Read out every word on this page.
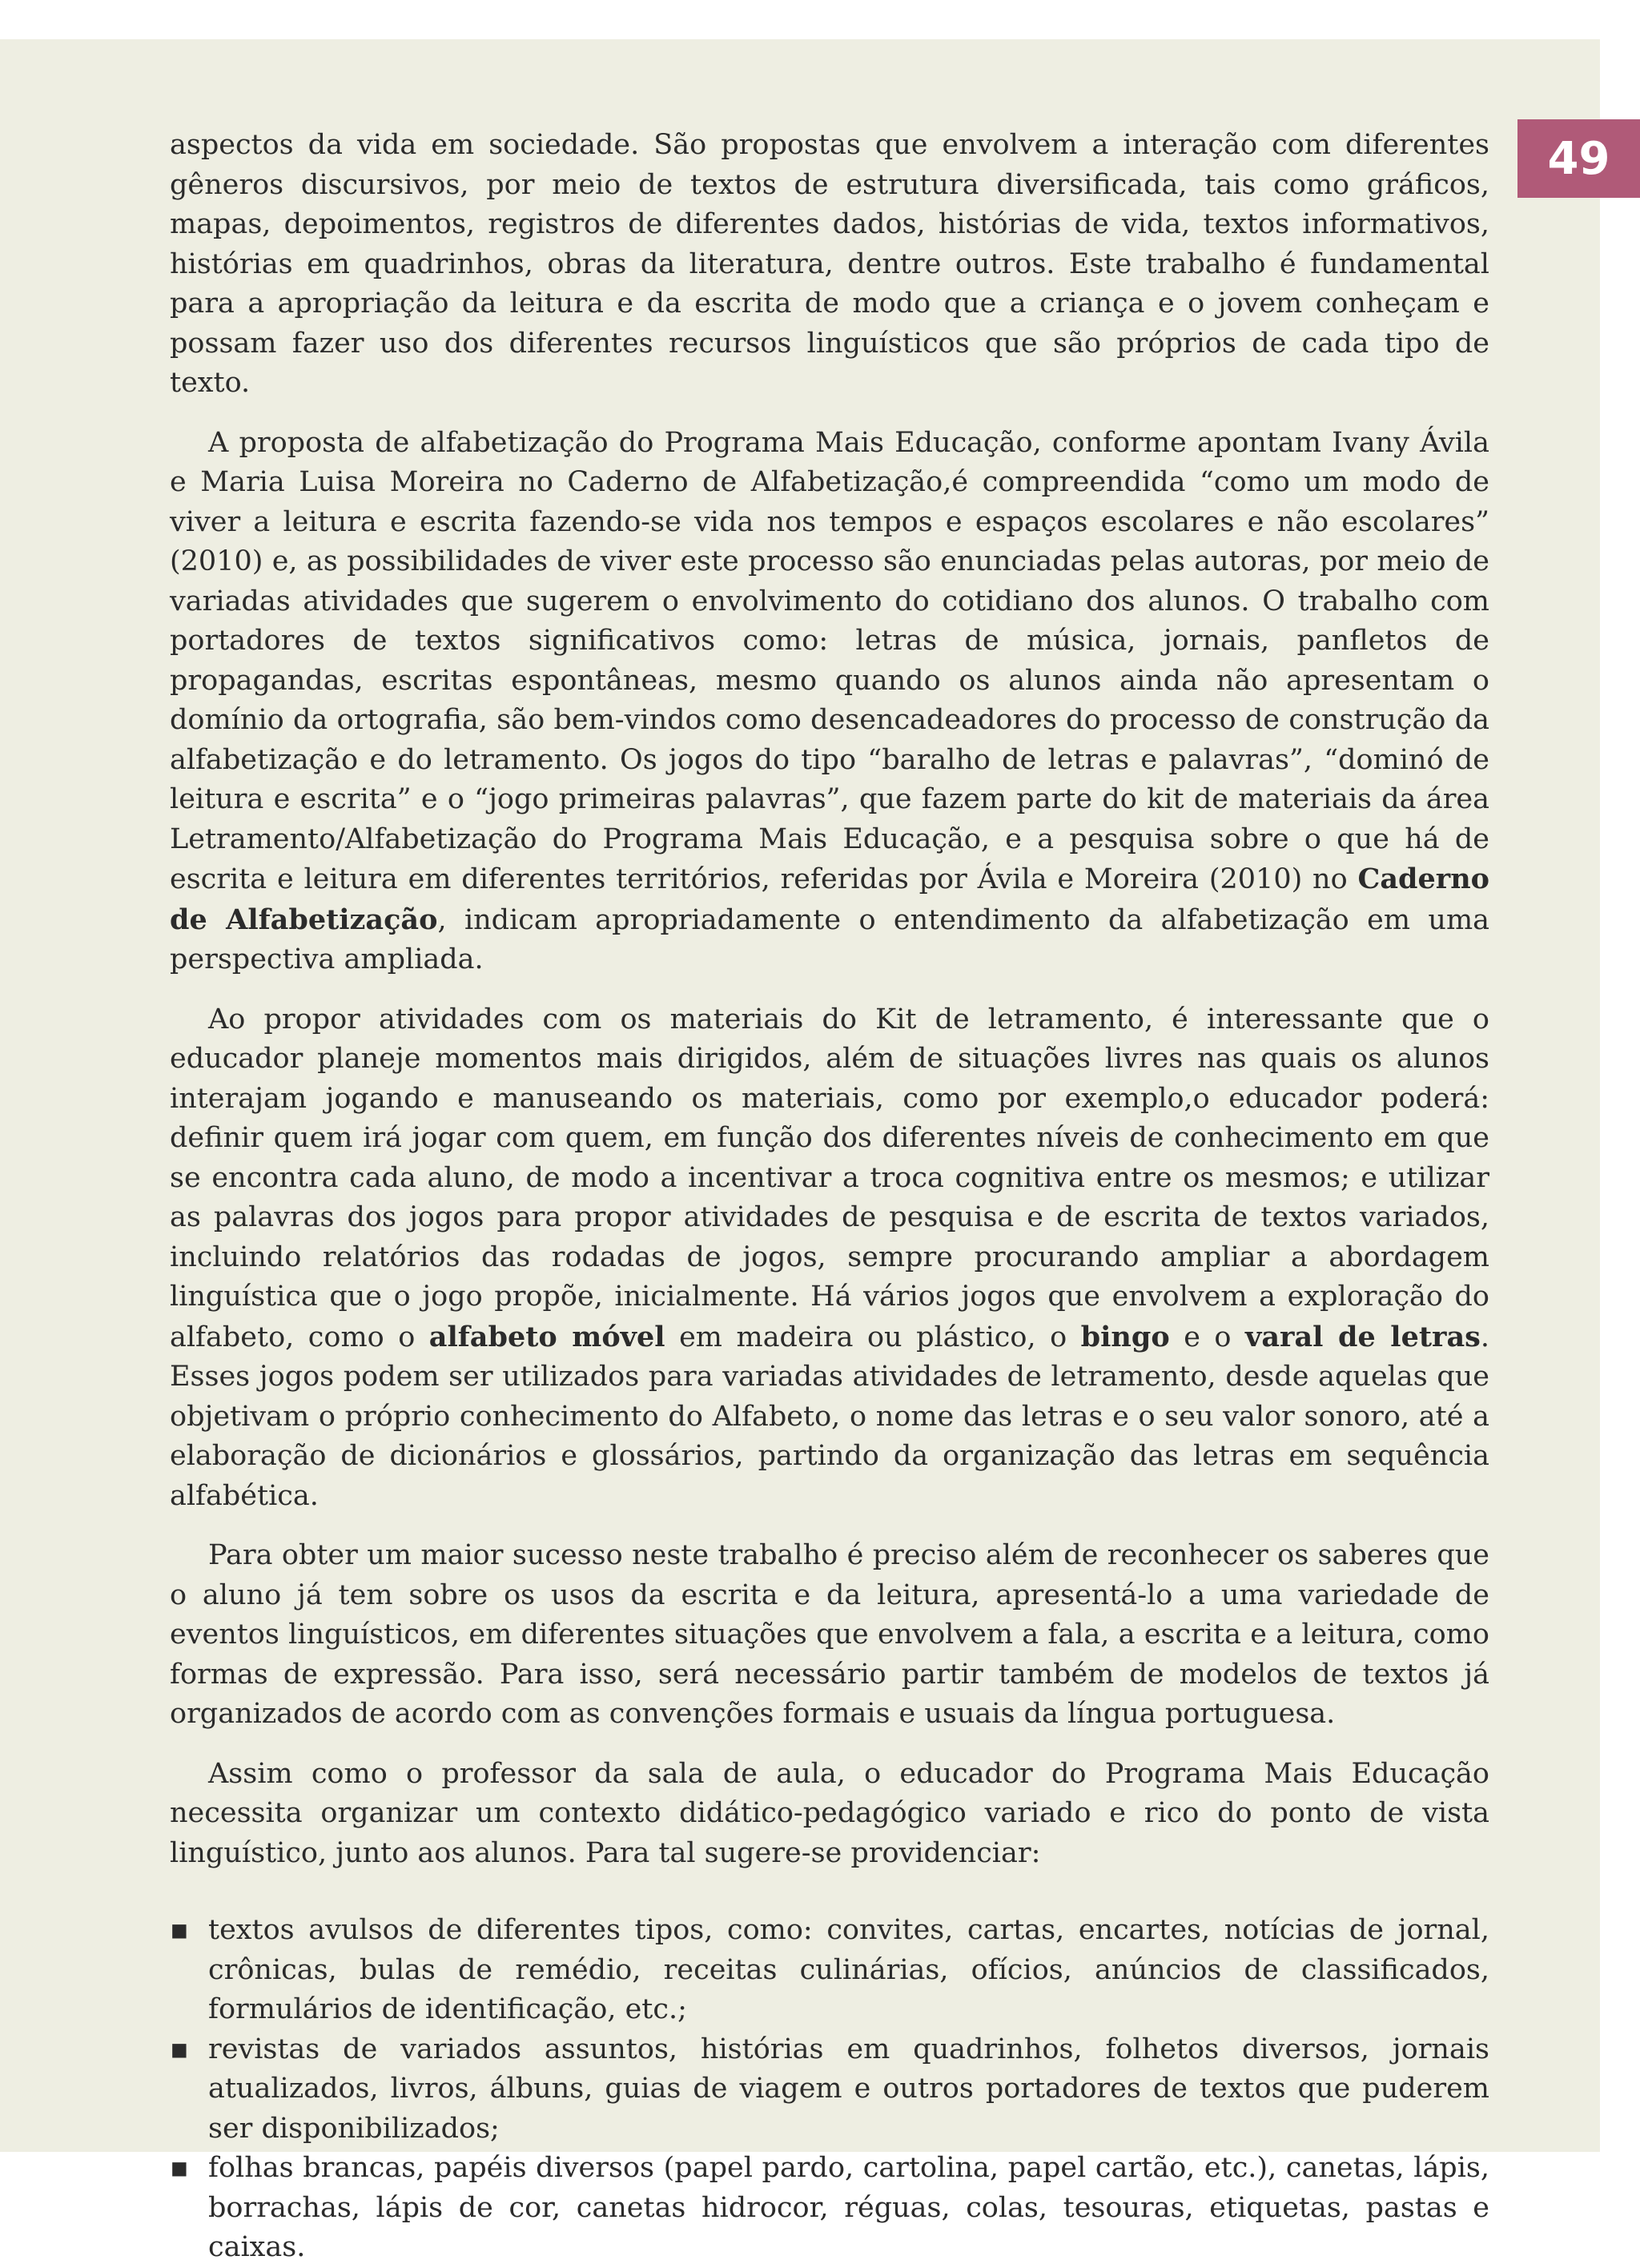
49

aspectos da vida em sociedade. São propostas que envolvem a interação com diferentes gêneros discursivos, por meio de textos de estrutura diversificada, tais como gráficos, mapas, depoimentos, registros de diferentes dados, histórias de vida, textos informativos, histórias em quadrinhos, obras da literatura, dentre outros. Este trabalho é fundamental para a apropriação da leitura e da escrita de modo que a criança e o jovem conheçam e possam fazer uso dos diferentes recursos linguísticos que são próprios de cada tipo de texto.

A proposta de alfabetização do Programa Mais Educação, conforme apontam Ivany Ávila e Maria Luisa Moreira no Caderno de Alfabetização,é compreendida “como um modo de viver a leitura e escrita fazendo-se vida nos tempos e espaços escolares e não escolares” (2010) e, as possibilidades de viver este processo são enunciadas pelas autoras, por meio de variadas atividades que sugerem o envolvimento do cotidiano dos alunos. O trabalho com portadores de textos significativos como: letras de música, jornais, panfletos de propagandas, escritas espontâneas, mesmo quando os alunos ainda não apresentam o domínio da ortografia, são bem-vindos como desencadeadores do processo de construção da alfabetização e do letramento. Os jogos do tipo “baralho de letras e palavras”, “dominó de leitura e escrita” e o “jogo primeiras palavras”, que fazem parte do kit de materiais da área Letramento/Alfabetização do Programa Mais Educação, e a pesquisa sobre o que há de escrita e leitura em diferentes territórios, referidas por Ávila e Moreira (2010) no Caderno de Alfabetização, indicam apropriadamente o entendimento da alfabetização em uma perspectiva ampliada.

Ao propor atividades com os materiais do Kit de letramento, é interessante que o educador planeje momentos mais dirigidos, além de situações livres nas quais os alunos interajam jogando e manuseando os materiais, como por exemplo,o educador poderá: definir quem irá jogar com quem, em função dos diferentes níveis de conhecimento em que se encontra cada aluno, de modo a incentivar a troca cognitiva entre os mesmos; e utilizar as palavras dos jogos para propor atividades de pesquisa e de escrita de textos variados, incluindo relatórios das rodadas de jogos, sempre procurando ampliar a abordagem linguística que o jogo propõe, inicialmente. Há vários jogos que envolvem a exploração do alfabeto, como o alfabeto móvel em madeira ou plástico, o bingo e o varal de letras. Esses jogos podem ser utilizados para variadas atividades de letramento, desde aquelas que objetivam o próprio conhecimento do Alfabeto, o nome das letras e o seu valor sonoro, até a elaboração de dicionários e glossários, partindo da organização das letras em sequência alfabética.

Para obter um maior sucesso neste trabalho é preciso além de reconhecer os saberes que o aluno já tem sobre os usos da escrita e da leitura, apresentá-lo a uma variedade de eventos linguísticos, em diferentes situações que envolvem a fala, a escrita e a leitura, como formas de expressão. Para isso, será necessário partir também de modelos de textos já organizados de acordo com as convenções formais e usuais da língua portuguesa.

Assim como o professor da sala de aula, o educador do Programa Mais Educação necessita organizar um contexto didático-pedagógico variado e rico do ponto de vista linguístico, junto aos alunos. Para tal sugere-se providenciar:

▪ textos avulsos de diferentes tipos, como: convites, cartas, encartes, notícias de jornal, crônicas, bulas de remédio, receitas culinárias, ofícios, anúncios de classificados, formulários de identificação, etc.;
▪ revistas de variados assuntos, histórias em quadrinhos, folhetos diversos, jornais atualizados, livros, álbuns, guias de viagem e outros portadores de textos que puderem ser disponibilizados;
▪ folhas brancas, papéis diversos (papel pardo, cartolina, papel cartão, etc.), canetas, lápis, borrachas, lápis de cor, canetas hidrocor, réguas, colas, tesouras, etiquetas, pastas e caixas.
